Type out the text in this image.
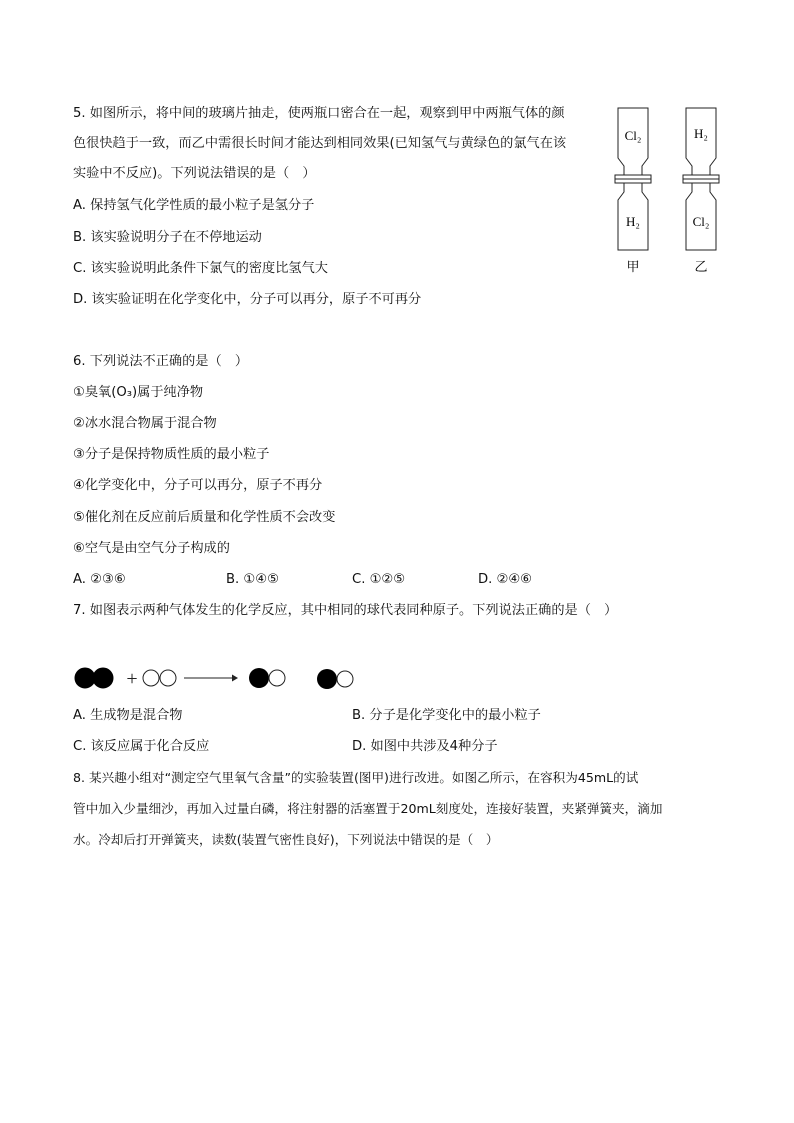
5. 如图所示，将中间的玻璃片抽走，使两瓶口密合在一起，观察到甲中两瓶气体的颜
色很快趋于一致，而乙中需很长时间才能达到相同效果(已知氢气与黄绿色的氯气在该
实验中不反应)。下列说法错误的是（　）
A. 保持氢气化学性质的最小粒子是氢分子
B. 该实验说明分子在不停地运动
C. 该实验说明此条件下氯气的密度比氢气大
D. 该实验证明在化学变化中，分子可以再分，原子不可再分
Cl₂
H₂
H₂
Cl₂
甲	乙
6. 下列说法不正确的是（　）
①臭氧(O₃)属于纯净物
②冰水混合物属于混合物
③分子是保持物质性质的最小粒子
④化学变化中，分子可以再分，原子不再分
⑤催化剂在反应前后质量和化学性质不会改变
⑥空气是由空气分子构成的
A. ②③⑥	B. ①④⑤	C. ①②⑤	D. ②④⑥
7. 如图表示两种气体发生的化学反应，其中相同的球代表同种原子。下列说法正确的是（　）
+
A. 生成物是混合物	B. 分子是化学变化中的最小粒子
C. 该反应属于化合反应	D. 如图中共涉及4种分子
8. 某兴趣小组对“测定空气里氧气含量”的实验装置(图甲)进行改进。如图乙所示，在容积为45mL的试
管中加入少量细沙，再加入过量白磷，将注射器的活塞置于20mL刻度处，连接好装置，夹紧弹簧夹，滴加
水。冷却后打开弹簧夹，读数(装置气密性良好)，下列说法中错误的是（　）
